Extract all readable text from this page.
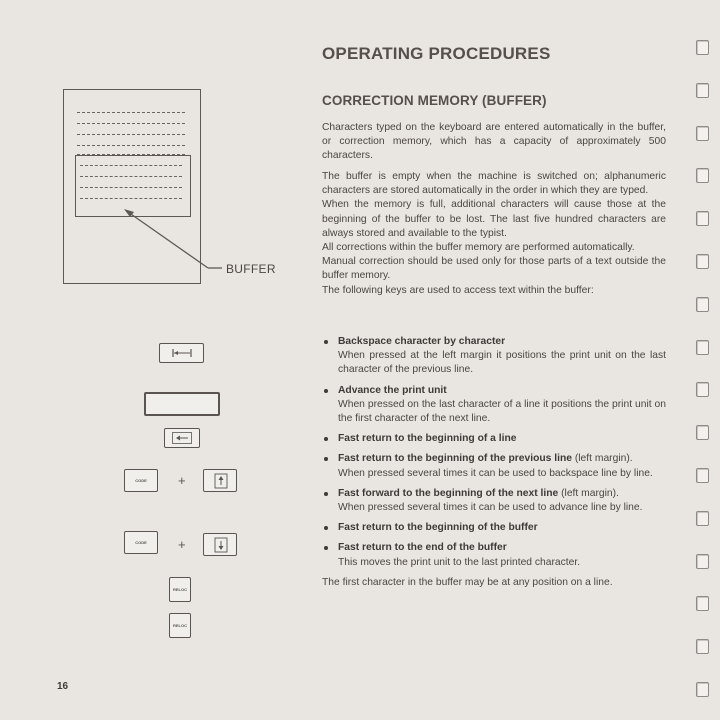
BUFFER
CODE +
CODE +
RELOC
RELOC
OPERATING PROCEDURES
CORRECTION MEMORY (BUFFER)

Characters typed on the keyboard are entered automatically in the buffer, or correction memory, which has a capacity of approximately 500 characters.

The buffer is empty when the machine is switched on; alphanumeric characters are stored automatically in the order in which they are typed.

When the memory is full, additional characters will cause those at the beginning of the buffer to be lost. The last five hundred characters are always stored and available to the typist.

All corrections within the buffer memory are performed automatically.

Manual correction should be used only for those parts of a text outside the buffer memory.

The following keys are used to access text within the buffer:

Backspace character by character
When pressed at the left margin it positions the print unit on the last character of the previous line.
Advance the print unit
When pressed on the last character of a line it positions the print unit on the first character of the next line.
Fast return to the beginning of a line
Fast return to the beginning of the previous line (left margin).
When pressed several times it can be used to backspace line by line.
Fast forward to the beginning of the next line (left margin).
When pressed several times it can be used to advance line by line.
Fast return to the beginning of the buffer
Fast return to the end of the buffer
This moves the print unit to the last printed character.

The first character in the buffer may be at any position on a line.

16
